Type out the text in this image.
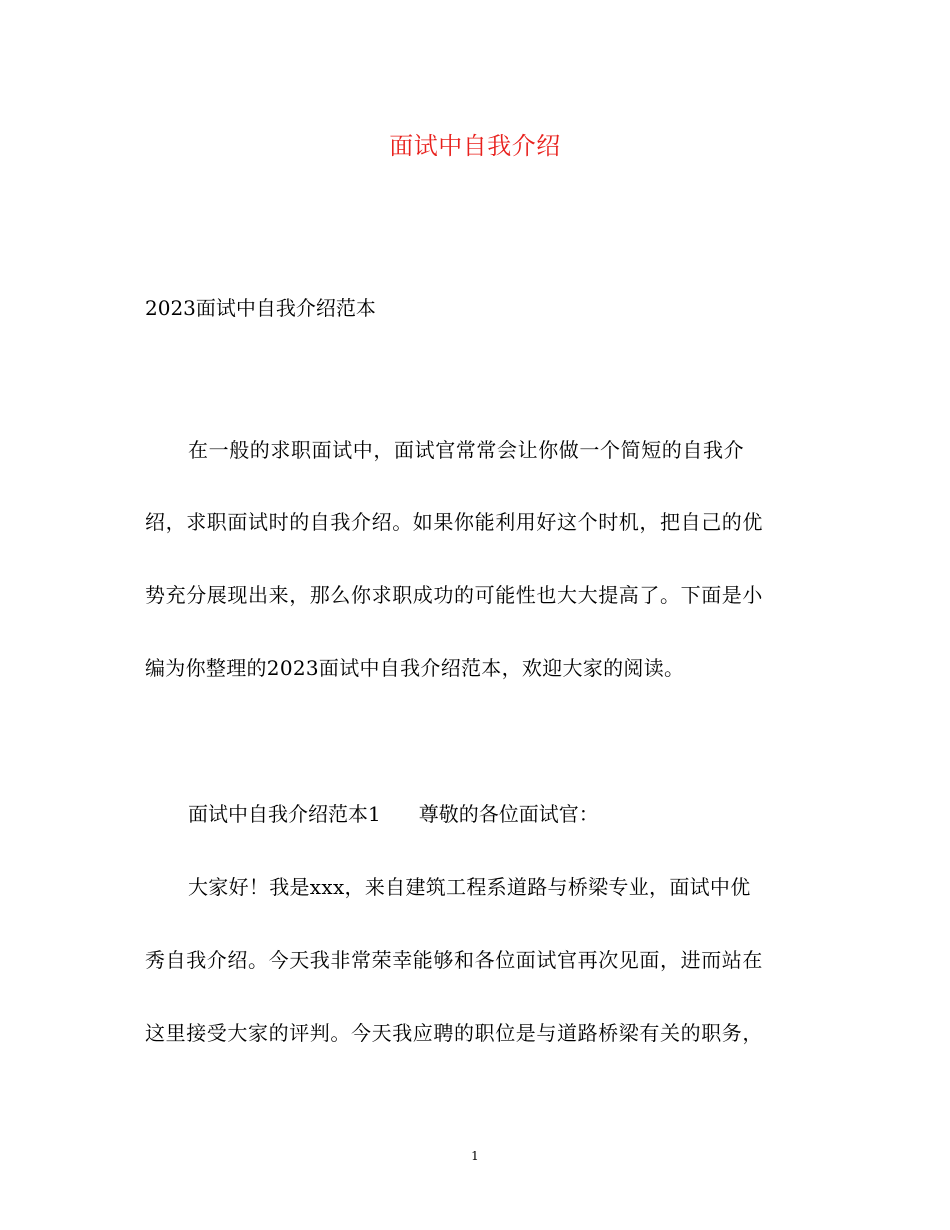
面试中自我介绍
2023面试中自我介绍范本
在一般的求职面试中，面试官常常会让你做一个简短的自我介
绍，求职面试时的自我介绍。如果你能利用好这个时机，把自己的优
势充分展现出来，那么你求职成功的可能性也大大提高了。下面是小
编为你整理的2023面试中自我介绍范本，欢迎大家的阅读。
面试中自我介绍范本1 尊敬的各位面试官：
大家好！我是xxx，来自建筑工程系道路与桥梁专业，面试中优
秀自我介绍。今天我非常荣幸能够和各位面试官再次见面，进而站在
这里接受大家的评判。今天我应聘的职位是与道路桥梁有关的职务，
1
